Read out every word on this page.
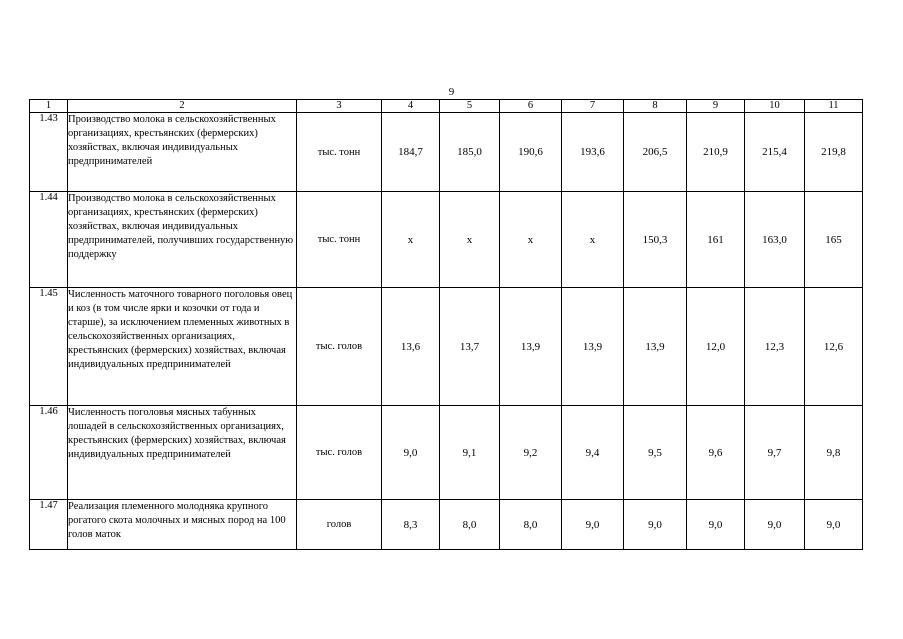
9
1	2	3	4	5	6	7	8	9	10	11
1.43	Производство молока в сельскохозяйственных организациях, крестьянских (фермерских) хозяйствах, включая индивидуальных предпринимателей	тыс. тонн	184,7	185,0	190,6	193,6	206,5	210,9	215,4	219,8
1.44	Производство молока в сельскохозяйственных организациях, крестьянских (фермерских) хозяйствах, включая индивидуальных предпринимателей, получивших государственную поддержку	тыс. тонн	х	х	х	х	150,3	161	163,0	165
1.45	Численность маточного товарного поголовья овец и коз (в том числе ярки и козочки от года и старше), за исключением племенных животных в сельскохозяйственных организациях, крестьянских (фермерских) хозяйствах, включая индивидуальных предпринимателей	тыс. голов	13,6	13,7	13,9	13,9	13,9	12,0	12,3	12,6
1.46	Численность поголовья мясных табунных лошадей в сельскохозяйственных организациях, крестьянских (фермерских) хозяйствах, включая индивидуальных предпринимателей	тыс. голов	9,0	9,1	9,2	9,4	9,5	9,6	9,7	9,8
1.47	Реализация племенного молодняка крупного рогатого скота молочных и мясных пород на 100 голов маток	голов	8,3	8,0	8,0	9,0	9,0	9,0	9,0	9,0
